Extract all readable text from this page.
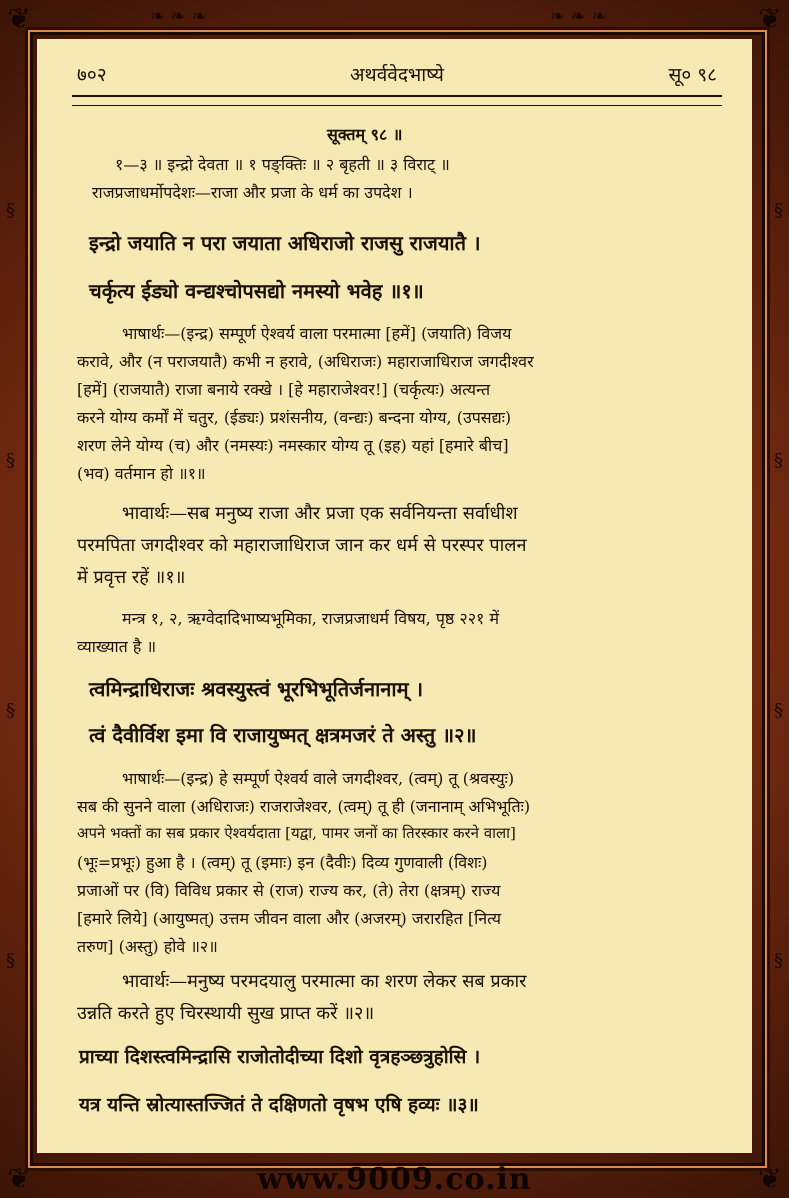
❦	❦
❦	❦
§
§
§
§
§
§
§
§
❧ ❧ ❧	❧ ❧ ❧
७०२	अथर्ववेदभाष्ये	सू० ९८
सूक्तम् ९८ ॥
१—३ ॥ इन्द्रो देवता ॥ १ पङ्क्तिः ॥ २ बृहती ॥ ३ विराट् ॥
राजप्रजाधर्मोपदेशः—राजा और प्रजा के धर्म का उपदेश ।
इन्द्रो जयाति न परा जयाता अधिराजो राजसु राजयातै ।
चर्कृत्य ईड्यो वन्द्यश्चोपसद्यो नमस्यो भवेह ॥१॥
भाषार्थः—(इन्द्र) सम्पूर्ण ऐश्वर्य वाला परमात्मा [हमें] (जयाति) विजय
करावे, और (न पराजयातै) कभी न हरावे, (अधिराजः) महाराजाधिराज जगदीश्वर
[हमें] (राजयातै) राजा बनाये रक्खे । [हे महाराजेश्वर!] (चर्कृत्यः) अत्यन्त
करने योग्य कर्मों में चतुर, (ईड्यः) प्रशंसनीय, (वन्द्यः) बन्दना योग्य, (उपसद्यः)
शरण लेने योग्य (च) और (नमस्यः) नमस्कार योग्य तू (इह) यहां [हमारे बीच]
(भव) वर्तमान हो ॥१॥
भावार्थः—सब मनुष्य राजा और प्रजा एक सर्वनियन्ता सर्वाधीश
परमपिता जगदीश्वर को महाराजाधिराज जान कर धर्म से परस्पर पालन
में प्रवृत्त रहें ॥१॥
मन्त्र १, २, ऋग्वेदादिभाष्यभूमिका, राजप्रजाधर्म विषय, पृष्ठ २२१ में
व्याख्यात है ॥
त्वमिन्द्राधिराजः श्रवस्युस्त्वं भूरभिभूतिर्जनानाम् ।
त्वं दैवीर्विश इमा वि राजायुष्मत् क्षत्रमजरं ते अस्तु ॥२॥
भाषार्थः—(इन्द्र) हे सम्पूर्ण ऐश्वर्य वाले जगदीश्वर, (त्वम्) तू (श्रवस्युः)
सब की सुनने वाला (अधिराजः) राजराजेश्वर, (त्वम्) तू ही (जनानाम् अभिभूतिः)
अपने भक्तों का सब प्रकार ऐश्वर्यदाता [यद्वा, पामर जनों का तिरस्कार करने वाला]
(भूः=प्रभूः) हुआ है । (त्वम्) तू (इमाः) इन (दैवीः) दिव्य गुणवाली (विशः)
प्रजाओं पर (वि) विविध प्रकार से (राज) राज्य कर, (ते) तेरा (क्षत्रम्) राज्य
[हमारे लिये] (आयुष्मत्) उत्तम जीवन वाला और (अजरम्) जरारहित [नित्य
तरुण] (अस्तु) होवे ॥२॥
भावार्थः—मनुष्य परमदयालु परमात्मा का शरण लेकर सब प्रकार
उन्नति करते हुए चिरस्थायी सुख प्राप्त करें ॥२॥
प्राच्या दिशस्त्वमिन्द्रासि राजोतोदीच्या दिशो वृत्रहञ्छत्रुहोसि ।
यत्र यन्ति स्रोत्यास्तज्जितं ते दक्षिणतो वृषभ एषि हव्यः ॥३॥
www.9009.co.in
